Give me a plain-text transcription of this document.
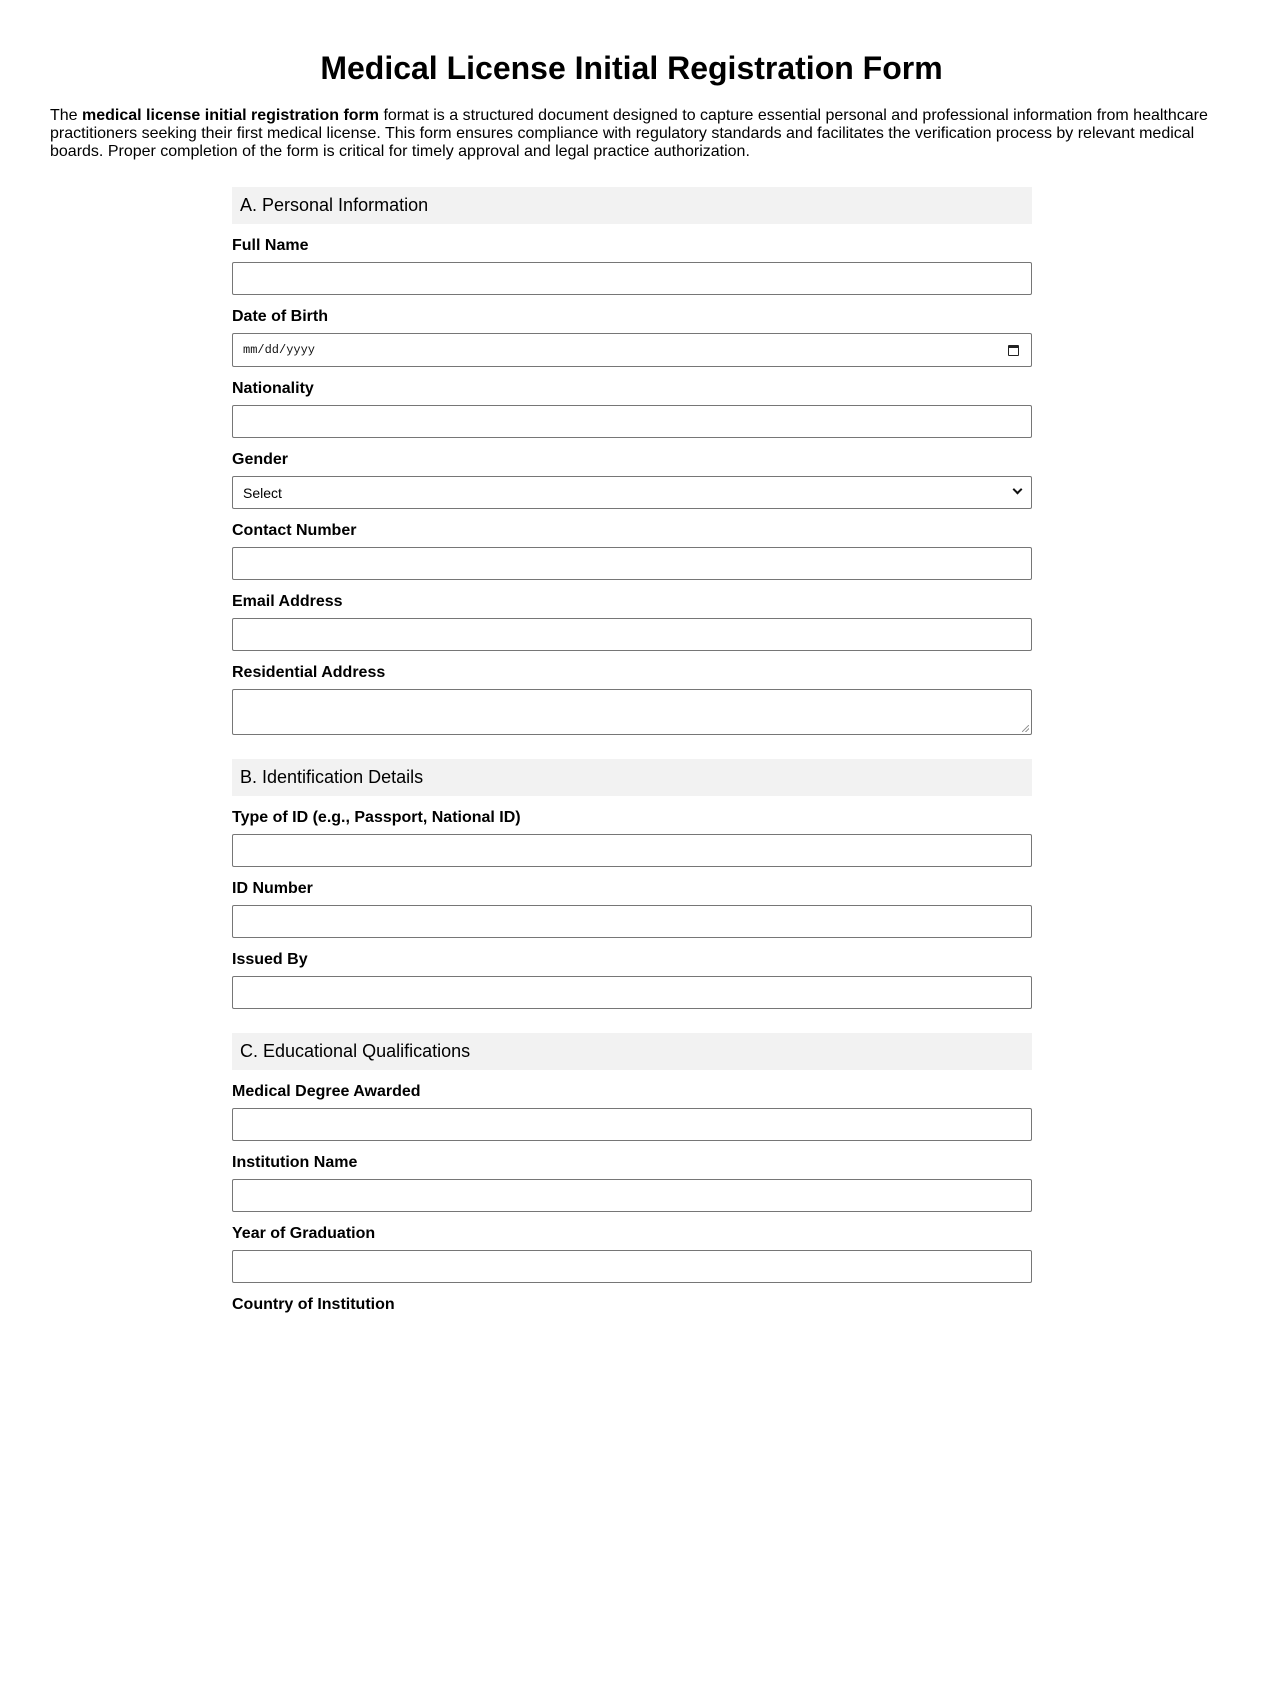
Medical License Initial Registration Form

The medical license initial registration form format is a structured document designed to capture essential personal and professional information from healthcare practitioners seeking their first medical license. This form ensures compliance with regulatory standards and facilitates the verification process by relevant medical boards. Proper completion of the form is critical for timely approval and legal practice authorization.

A. Personal Information
Full Name
Date of Birth
mm/dd/yyyy
Nationality
Gender
Select
Contact Number
Email Address
Residential Address
B. Identification Details
Type of ID (e.g., Passport, National ID)
ID Number
Issued By
C. Educational Qualifications
Medical Degree Awarded
Institution Name
Year of Graduation
Country of Institution
